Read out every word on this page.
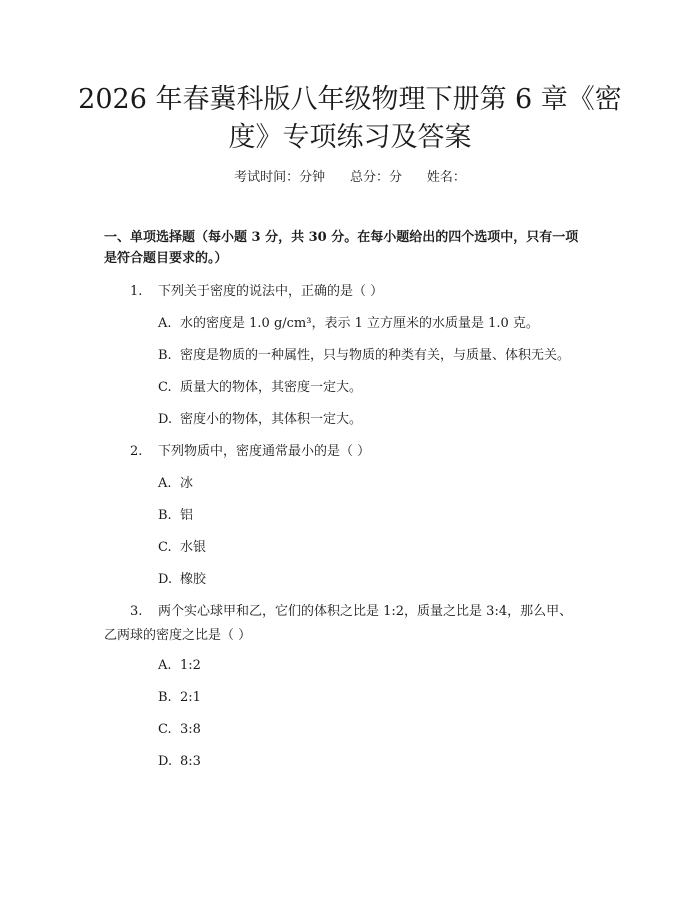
2026 年春冀科版八年级物理下册第 6 章《密
度》专项练习及答案
考试时间：分钟 总分：分 姓名：
一、单项选择题（每小题 3 分，共 30 分。在每小题给出的四个选项中，只有一项
是符合题目要求的。）
1. 下列关于密度的说法中，正确的是（ ）
A. 水的密度是 1.0 g/cm³，表示 1 立方厘米的水质量是 1.0 克。
B. 密度是物质的一种属性，只与物质的种类有关，与质量、体积无关。
C. 质量大的物体，其密度一定大。
D. 密度小的物体，其体积一定大。
2. 下列物质中，密度通常最小的是（ ）
A. 冰
B. 铝
C. 水银
D. 橡胶
3. 两个实心球甲和乙，它们的体积之比是 1:2，质量之比是 3:4，那么甲、
乙两球的密度之比是（ ）
A. 1:2
B. 2:1
C. 3:8
D. 8:3
